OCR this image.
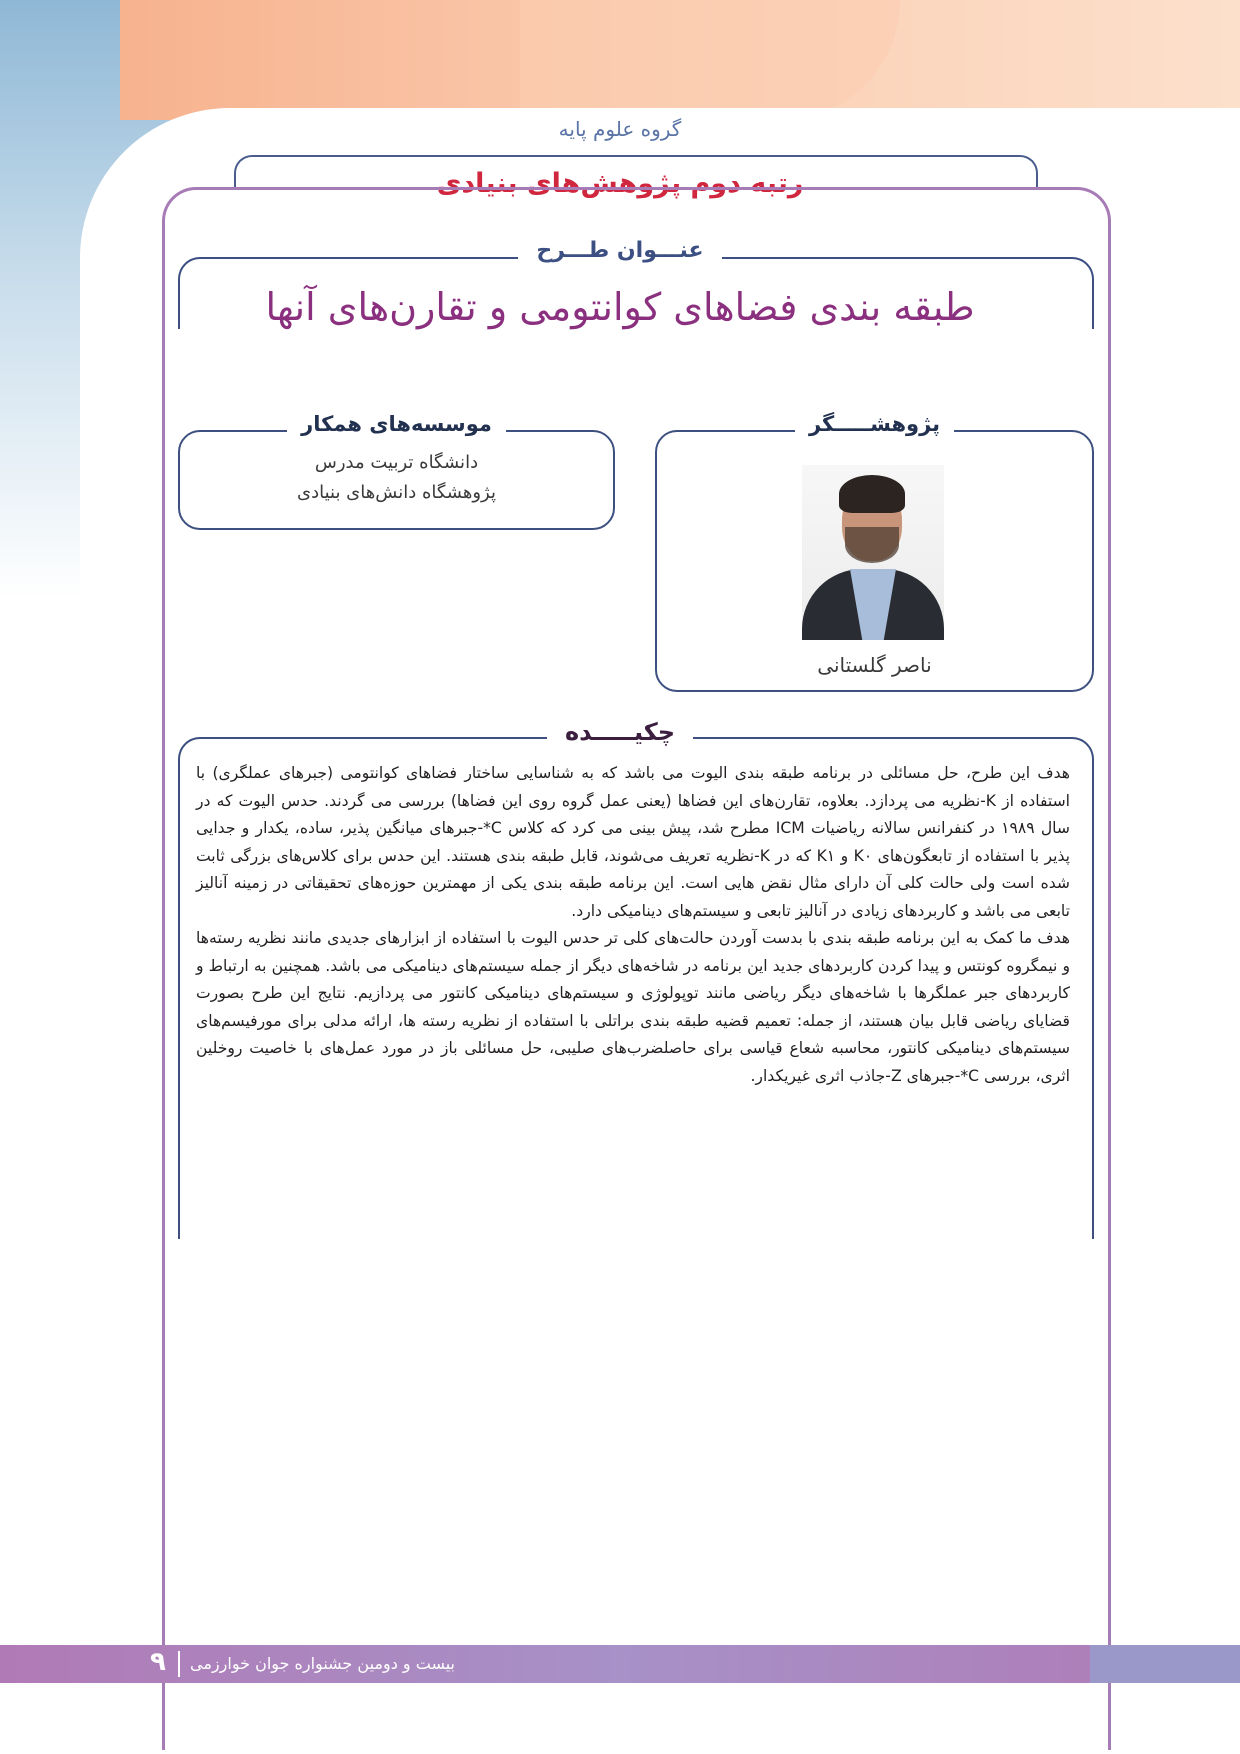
گروه علوم پایه
رتبه دوم پژوهش‌های بنیادی
عنـــوان طـــرح
طبقه بندی فضاهای کوانتومی و تقارن‌های آنها
دانشگاه تربیت مدرس
پژوهشگاه دانش‌های بنیادی
موسسه‌های همکار	پژوهشـــــگر
ناصر گلستانی
چکیـــــده

هدف این طرح، حل مسائلی در برنامه طبقه بندی الیوت می باشد که به شناسایی ساختار فضاهای کوانتومی (جبرهای عملگری) با استفاده از K-نظریه می پردازد. بعلاوه، تقارن‌های این فضاها (یعنی عمل گروه روی این فضاها) بررسی می گردند. حدس الیوت که در سال ۱۹۸۹ در کنفرانس سالانه ریاضیات ICM مطرح شد، پیش بینی می کرد که کلاس C*-جبرهای میانگین پذیر، ساده، یکدار و جدایی پذیر با استفاده از تابعگون‌های K۰ و K۱ که در K-نظریه تعریف می‌شوند، قابل طبقه بندی هستند. این حدس برای کلاس‌های بزرگی ثابت شده است ولی حالت کلی آن دارای مثال نقض هایی است. این برنامه طبقه بندی یکی از مهمترین حوزه‌های تحقیقاتی در زمینه آنالیز تابعی می باشد و کاربردهای زیادی در آنالیز تابعی و سیستم‌های دینامیکی دارد.

هدف ما کمک به این برنامه طبقه بندی با بدست آوردن حالت‌های کلی تر حدس الیوت با استفاده از ابزارهای جدیدی مانند نظریه رسته‌ها و نیمگروه کونتس و پیدا کردن کاربردهای جدید این برنامه در شاخه‌های دیگر از جمله سیستم‌های دینامیکی می باشد. همچنین به ارتباط و کاربردهای جبر عملگرها با شاخه‌های دیگر ریاضی مانند توپولوژی و سیستم‌های دینامیکی کانتور می پردازیم. نتایج این طرح بصورت قضایای ریاضی قابل بیان هستند، از جمله: تعمیم قضیه طبقه بندی براتلی با استفاده از نظریه رسته ها، ارائه مدلی برای مورفیسم‌های سیستم‌های دینامیکی کانتور، محاسبه شعاع قیاسی برای حاصلضرب‌های صلیبی، حل مسائلی باز در مورد عمل‌های با خاصیت روخلین اثری، بررسی C*-جبرهای Z-جاذب اثری غیریکدار.

بیست و دومین جشنواره جوان خوارزمی
۹
